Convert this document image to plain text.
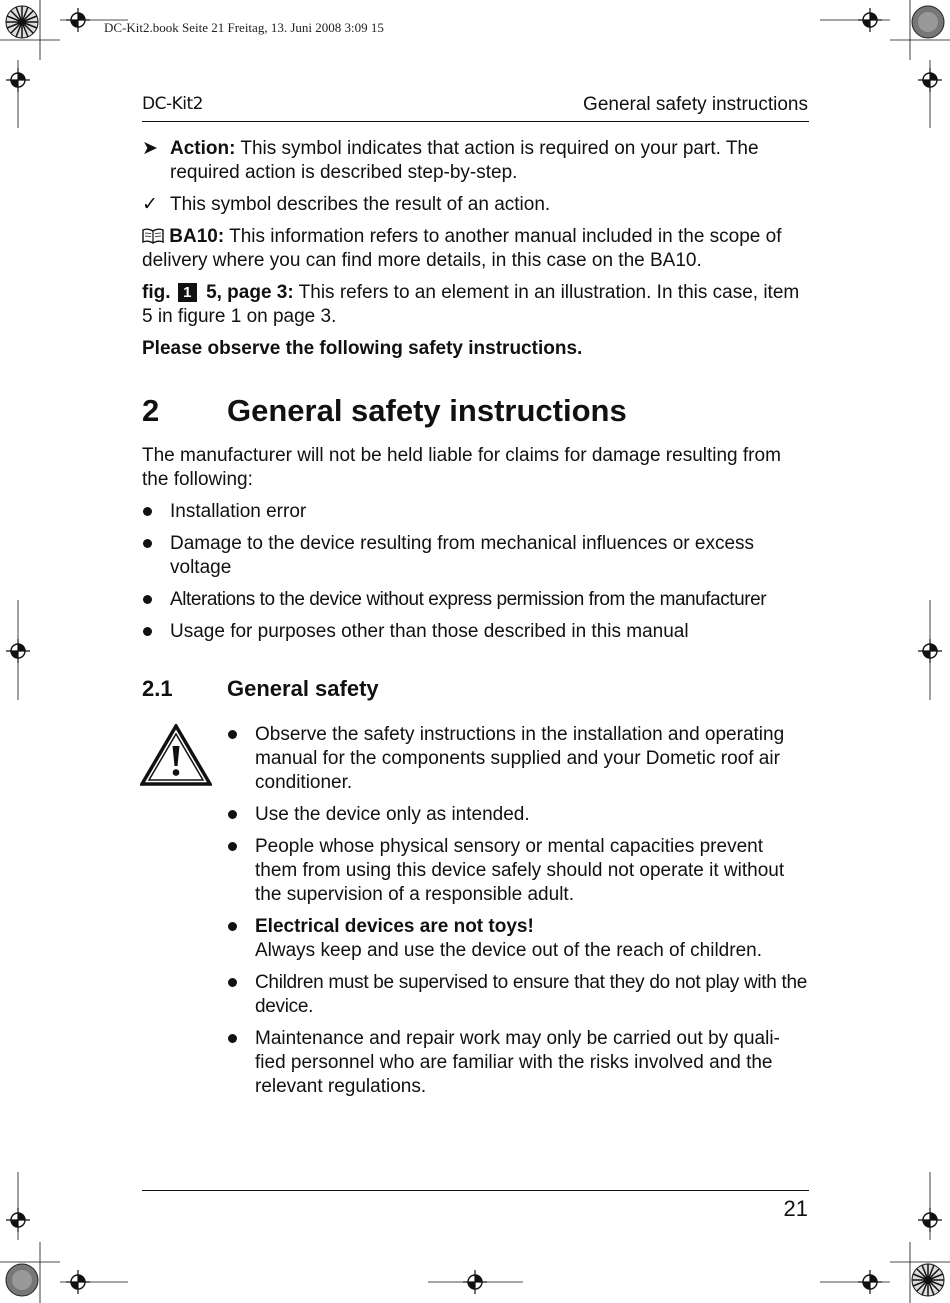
DC-Kit2.book Seite 21 Freitag, 13. Juni 2008 3:09 15
DC-Kit2	General safety instructions
➤ Action: This symbol indicates that action is required on your part. The required action is described step-by-step.
✓ This symbol describes the result of an action.
BA10: This information refers to another manual included in the scope of delivery where you can find more details, in this case on the BA10.
fig. 1 5, page 3: This refers to an element in an illustration. In this case, item 5 in figure 1 on page 3.
Please observe the following safety instructions.
2 General safety instructions
The manufacturer will not be held liable for claims for damage resulting from the following:
Installation error
Damage to the device resulting from mechanical influences or excess voltage
Alterations to the device without express permission from the manufacturer
Usage for purposes other than those described in this manual
2.1 General safety
Observe the safety instructions in the installation and operating manual for the components supplied and your Dometic roof air conditioner.
Use the device only as intended.
People whose physical sensory or mental capacities prevent them from using this device safely should not operate it without the supervision of a responsible adult.
Electrical devices are not toys!
Always keep and use the device out of the reach of children.
Children must be supervised to ensure that they do not play with the device.
Maintenance and repair work may only be carried out by quali-fied personnel who are familiar with the risks involved and the relevant regulations.
21
